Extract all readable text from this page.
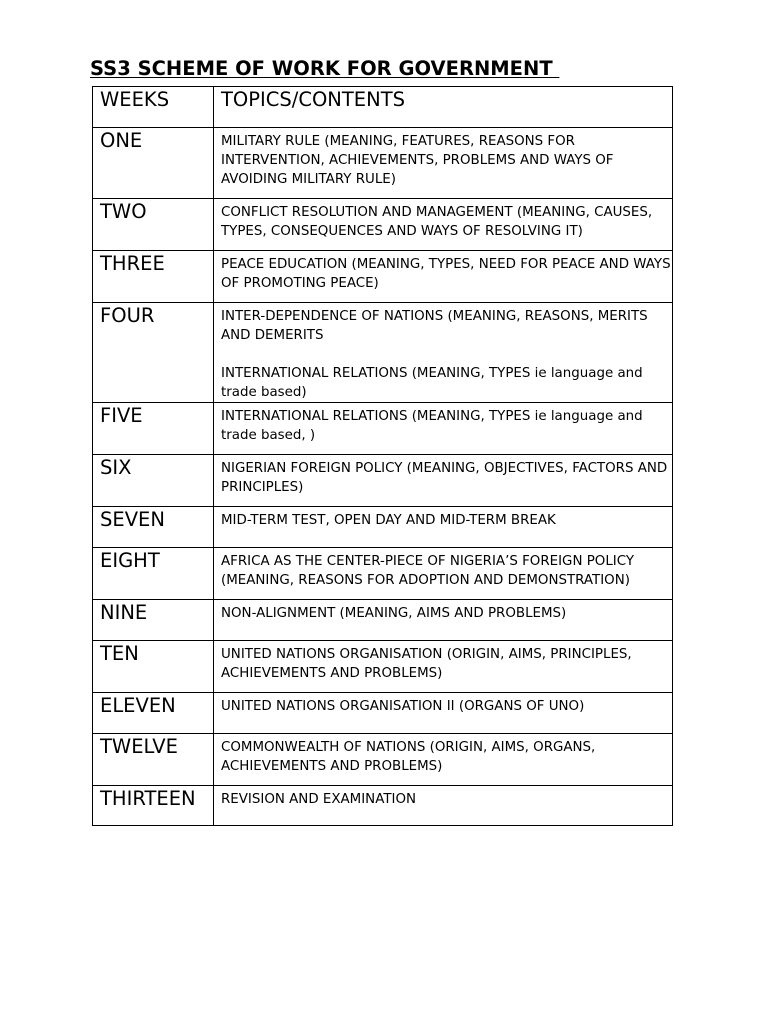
SS3 SCHEME OF WORK FOR GOVERNMENT
WEEKS	TOPICS/CONTENTS
ONE	MILITARY RULE (MEANING, FEATURES, REASONS FOR INTERVENTION, ACHIEVEMENTS, PROBLEMS AND WAYS OF AVOIDING MILITARY RULE)
TWO	CONFLICT RESOLUTION AND MANAGEMENT (MEANING, CAUSES, TYPES, CONSEQUENCES AND WAYS OF RESOLVING IT)
THREE	PEACE EDUCATION (MEANING, TYPES, NEED FOR PEACE AND WAYS OF PROMOTING PEACE)
FOUR	INTER-DEPENDENCE OF NATIONS (MEANING, REASONS, MERITS AND DEMERITS

INTERNATIONAL RELATIONS (MEANING, TYPES ie language and trade based)
FIVE	INTERNATIONAL RELATIONS (MEANING, TYPES ie language and trade based, )
SIX	NIGERIAN FOREIGN POLICY (MEANING, OBJECTIVES, FACTORS AND PRINCIPLES)
SEVEN	MID-TERM TEST, OPEN DAY AND MID-TERM BREAK
EIGHT	AFRICA AS THE CENTER-PIECE OF NIGERIA’S FOREIGN POLICY (MEANING, REASONS FOR ADOPTION AND DEMONSTRATION)
NINE	NON-ALIGNMENT (MEANING, AIMS AND PROBLEMS)
TEN	UNITED NATIONS ORGANISATION (ORIGIN, AIMS, PRINCIPLES, ACHIEVEMENTS AND PROBLEMS)
ELEVEN	UNITED NATIONS ORGANISATION II (ORGANS OF UNO)
TWELVE	COMMONWEALTH OF NATIONS (ORIGIN, AIMS, ORGANS, ACHIEVEMENTS AND PROBLEMS)
THIRTEEN	REVISION AND EXAMINATION
